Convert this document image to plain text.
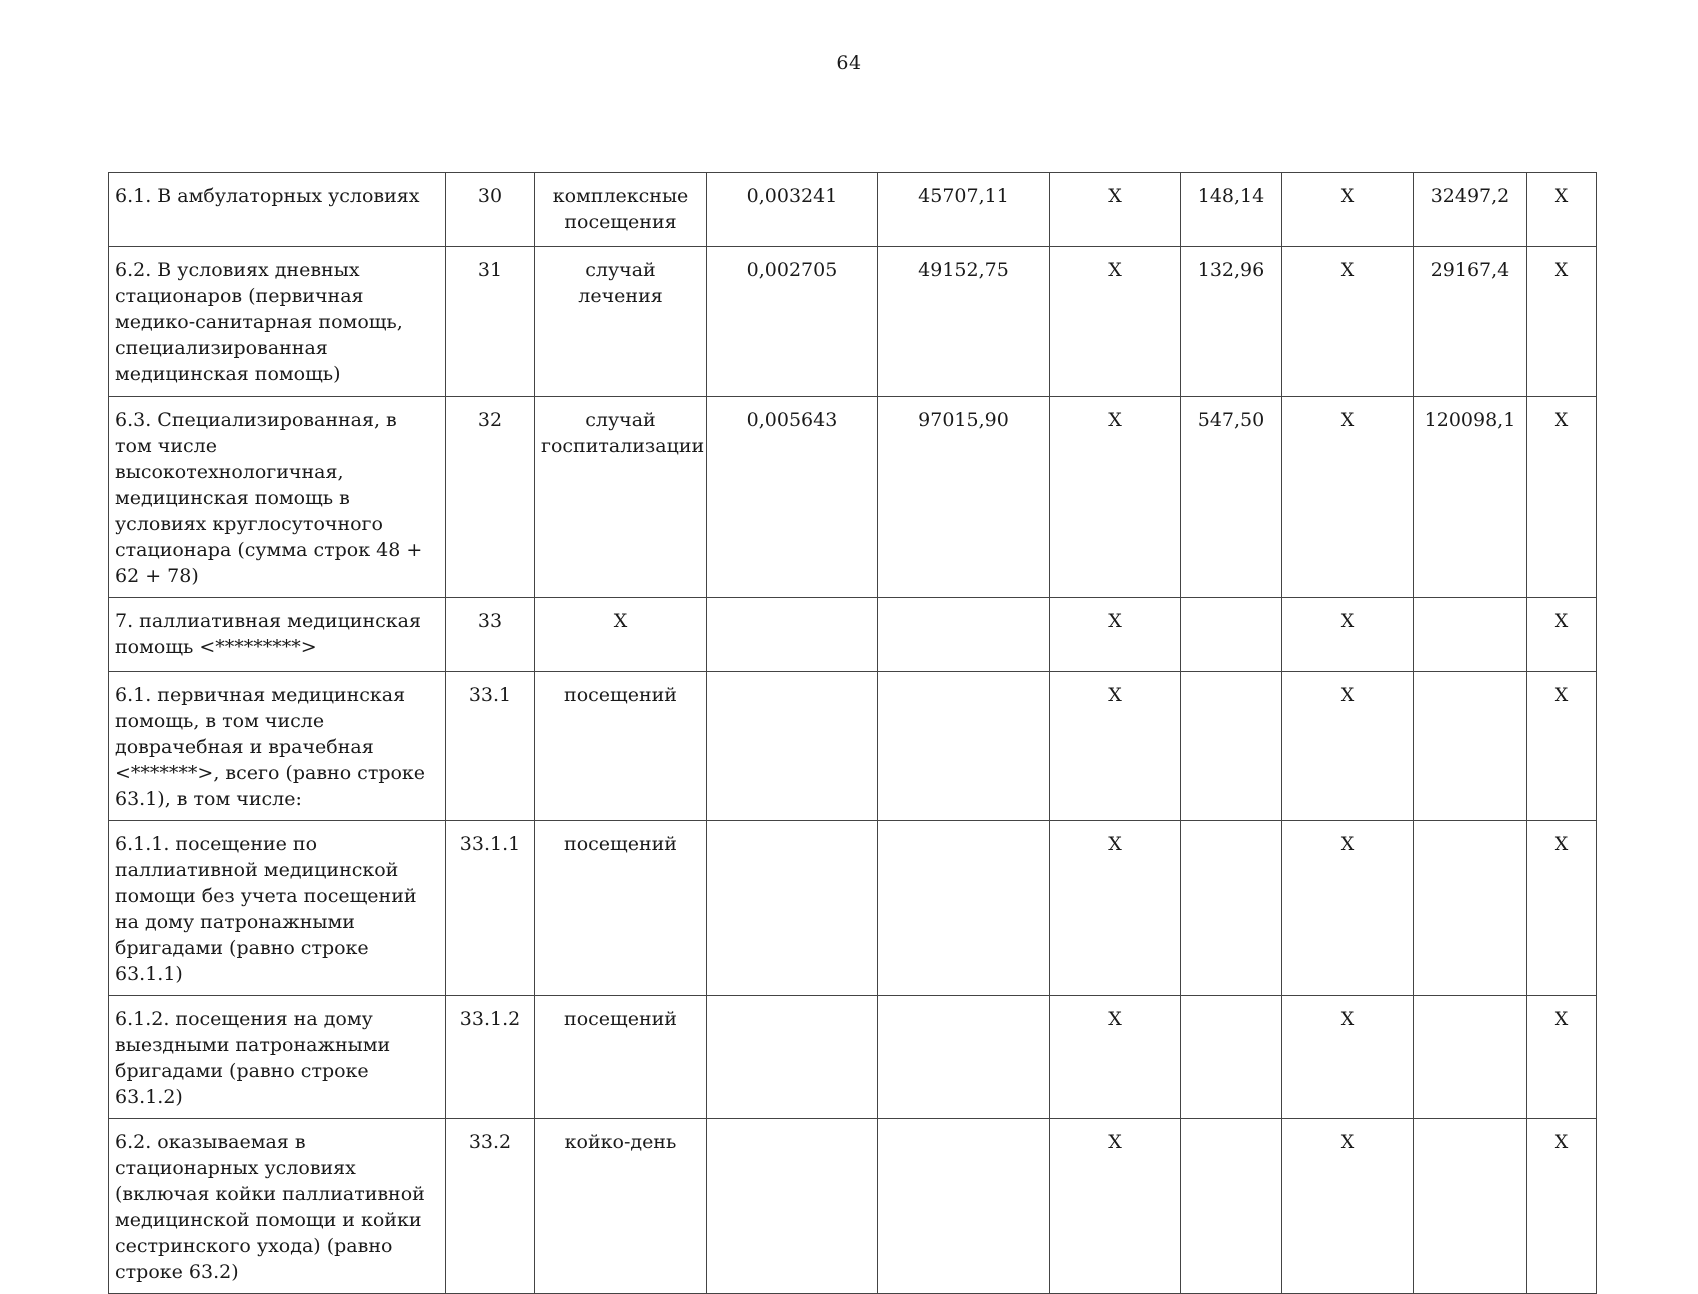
64
6.1. В амбулаторных условиях	30	комплексные посещения	0,003241	45707,11	X	148,14	X	32497,2	X
6.2. В условиях дневных стационаров (первичная медико-санитарная помощь, специализированная медицинская помощь)	31	случай лечения	0,002705	49152,75	X	132,96	X	29167,4	X
6.3. Специализированная, в том числе высокотехнологичная, медицинская помощь в условиях круглосуточного стационара (сумма строк 48 + 62 + 78)	32	случай госпитализации	0,005643	97015,90	X	547,50	X	120098,1	X
7. паллиативная медицинская помощь <*********>	33	X			X		X		X
6.1. первичная медицинская помощь, в том числе доврачебная и врачебная <*******>, всего (равно строке 63.1), в том числе:	33.1	посещений			X		X		X
6.1.1. посещение по паллиативной медицинской помощи без учета посещений на дому патронажными бригадами (равно строке 63.1.1)	33.1.1	посещений			X		X		X
6.1.2. посещения на дому выездными патронажными бригадами (равно строке 63.1.2)	33.1.2	посещений			X		X		X
6.2. оказываемая в стационарных условиях (включая койки паллиативной медицинской помощи и койки сестринского ухода) (равно строке 63.2)	33.2	койко-день			X		X		X
